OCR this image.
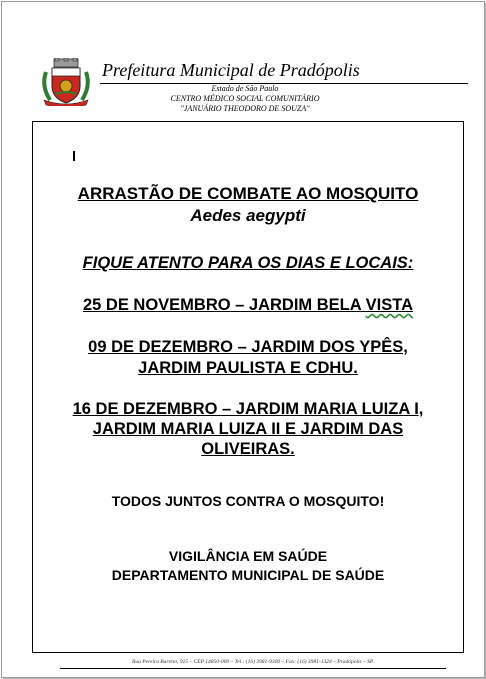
Prefeitura Municipal de Pradópolis
Estado de São Paulo
CENTRO MÉDICO SOCIAL COMUNITÁRIO
"JANUÁRIO THEODORO DE SOUZA"
ARRASTÃO DE COMBATE AO MOSQUITO
Aedes aegypti
FIQUE ATENTO PARA OS DIAS E LOCAIS:
25 DE NOVEMBRO – JARDIM BELA VISTA
09 DE DEZEMBRO – JARDIM DOS YPÊS,
JARDIM PAULISTA E CDHU.
16 DE DEZEMBRO – JARDIM MARIA LUIZA I,
JARDIM MARIA LUIZA II E JARDIM DAS
OLIVEIRAS.
TODOS JUNTOS CONTRA O MOSQUITO!
VIGILÂNCIA EM SAÚDE
DEPARTAMENTO MUNICIPAL DE SAÚDE
Rua Pereira Barreto, 925 – CEP 14850-000 – Tel.: (16) 3981-9300 – Fax: (16) 3981-1324 – Pradópolis – SP.
